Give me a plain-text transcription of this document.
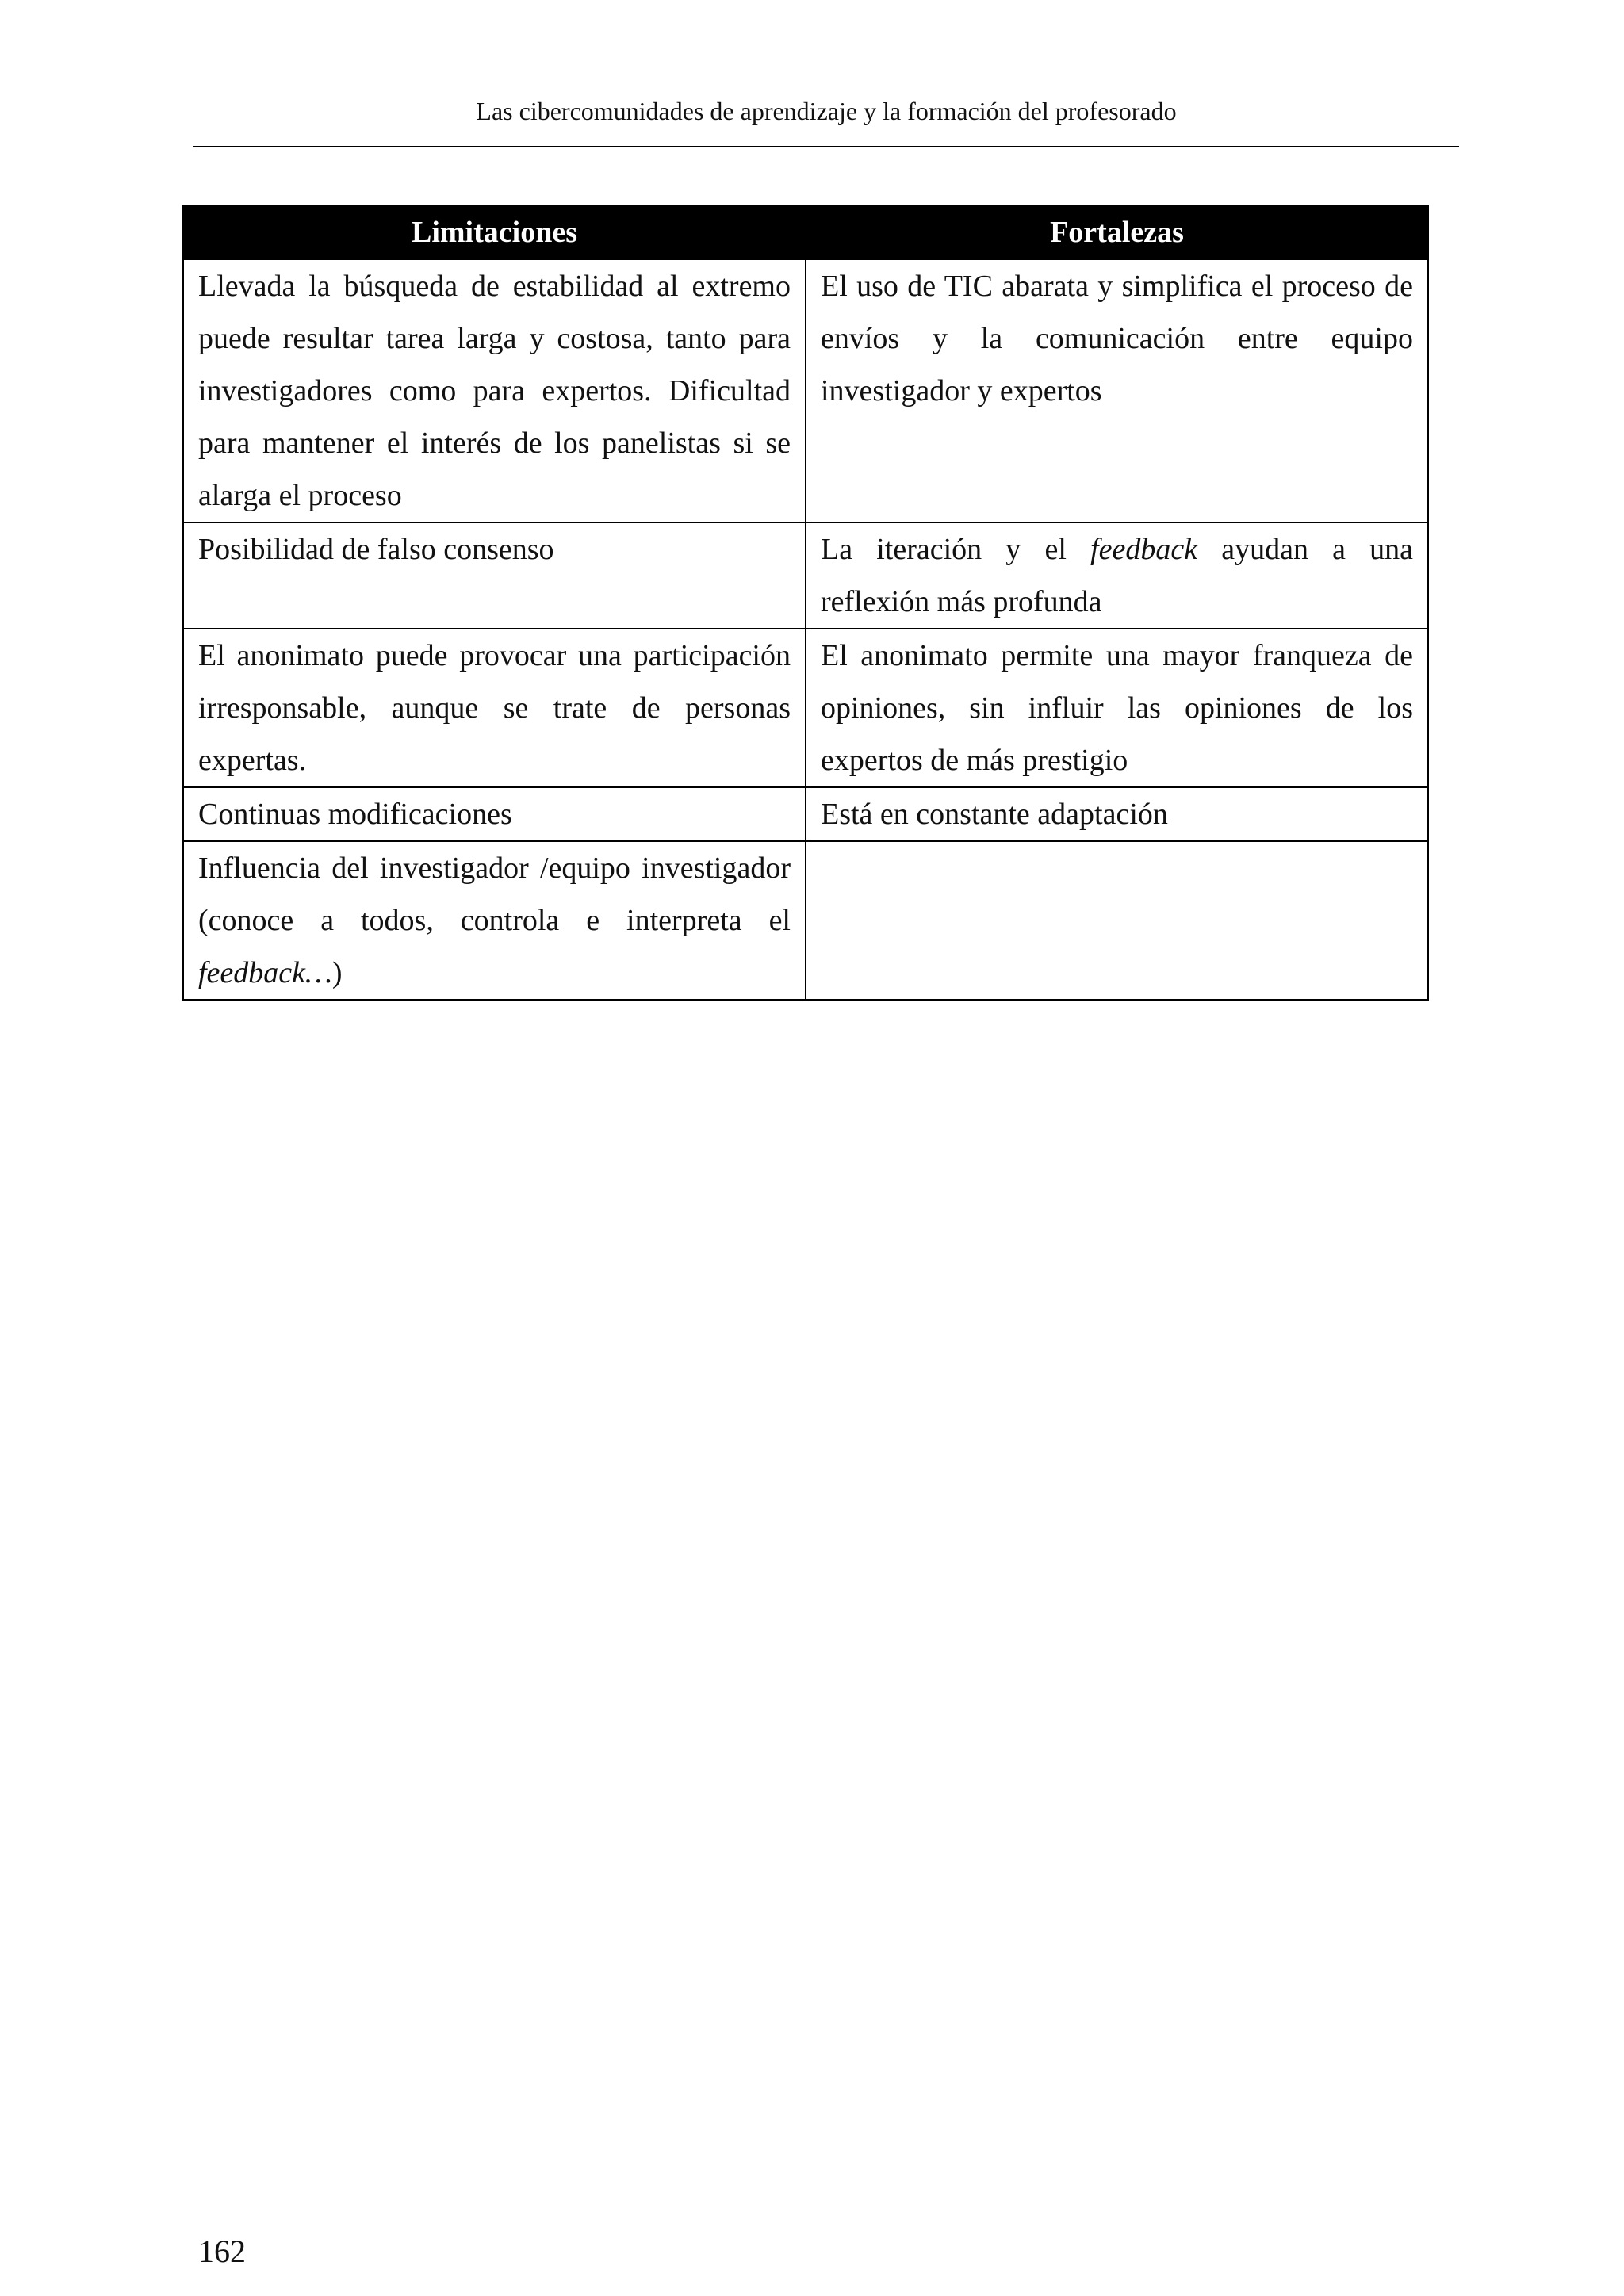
Las cibercomunidades de aprendizaje y la formación del profesorado
Limitaciones	Fortalezas

Llevada la búsqueda de estabilidad al extremo puede resultar tarea larga y costosa, tanto para investigadores como para expertos. Dificultad para mantener el interés de los panelistas si se alarga el proceso	El uso de TIC abarata y simplifica el proceso de envíos y la comunicación entre equipo investigador y expertos

Posibilidad de falso consenso	La iteración y el feedback ayudan a una reflexión más profunda

El anonimato puede provocar una participación irresponsable, aunque se trate de personas expertas.	El anonimato permite una mayor franqueza de opiniones, sin influir las opiniones de los expertos de más prestigio

Continuas modificaciones	Está en constante adaptación

Influencia del investigador /equipo investigador (conoce a todos, controla e interpreta el feedback…)	

162
